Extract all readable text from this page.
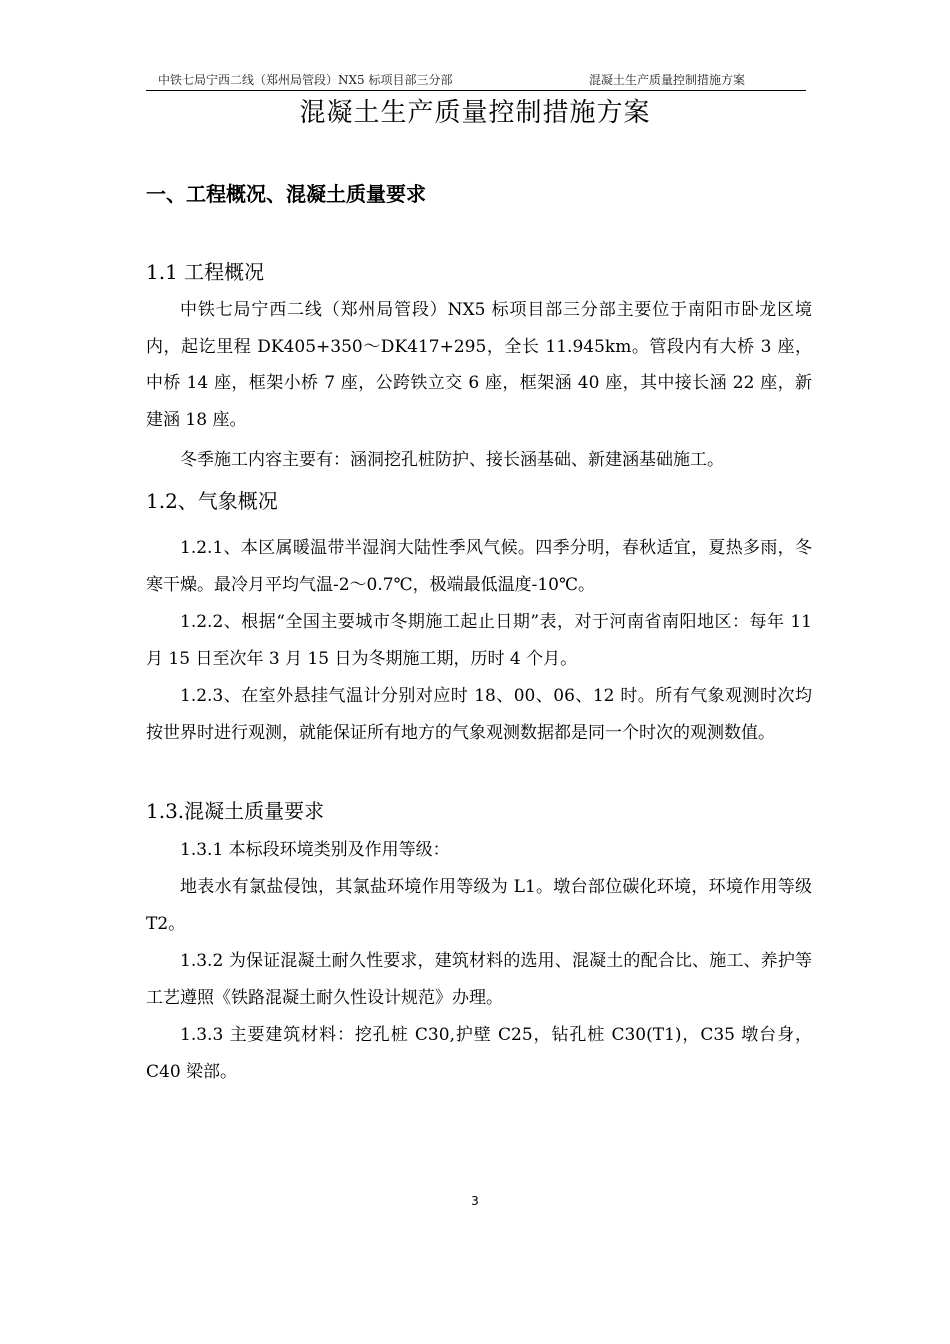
中铁七局宁西二线（郑州局管段）NX5 标项目部三分部	混凝土生产质量控制措施方案
混凝土生产质量控制措施方案
一、工程概况、混凝土质量要求
1.1 工程概况
中铁七局宁西二线（郑州局管段）NX5 标项目部三分部主要位于南阳市卧龙区境内，起讫里程 DK405+350～DK417+295，全长 11.945km。管段内有大桥 3 座，中桥 14 座，框架小桥 7 座，公跨铁立交 6 座，框架涵 40 座，其中接长涵 22 座，新建涵 18 座。
冬季施工内容主要有：涵洞挖孔桩防护、接长涵基础、新建涵基础施工。
1.2、气象概况
1.2.1、本区属暖温带半湿润大陆性季风气候。四季分明，春秋适宜，夏热多雨，冬寒干燥。最冷月平均气温-2～0.7℃，极端最低温度-10℃。
1.2.2、根据“全国主要城市冬期施工起止日期”表，对于河南省南阳地区：每年 11 月 15 日至次年 3 月 15 日为冬期施工期，历时 4 个月。
1.2.3、在室外悬挂气温计分别对应时 18、00、06、12 时。所有气象观测时次均按世界时进行观测，就能保证所有地方的气象观测数据都是同一个时次的观测数值。
1.3.混凝土质量要求
1.3.1 本标段环境类别及作用等级：
地表水有氯盐侵蚀，其氯盐环境作用等级为 L1。墩台部位碳化环境，环境作用等级 T2。
1.3.2 为保证混凝土耐久性要求，建筑材料的选用、混凝土的配合比、施工、养护等工艺遵照《铁路混凝土耐久性设计规范》办理。
1.3.3 主要建筑材料：挖孔桩 C30,护壁 C25，钻孔桩 C30(T1)，C35 墩台身，C40 梁部。
3
